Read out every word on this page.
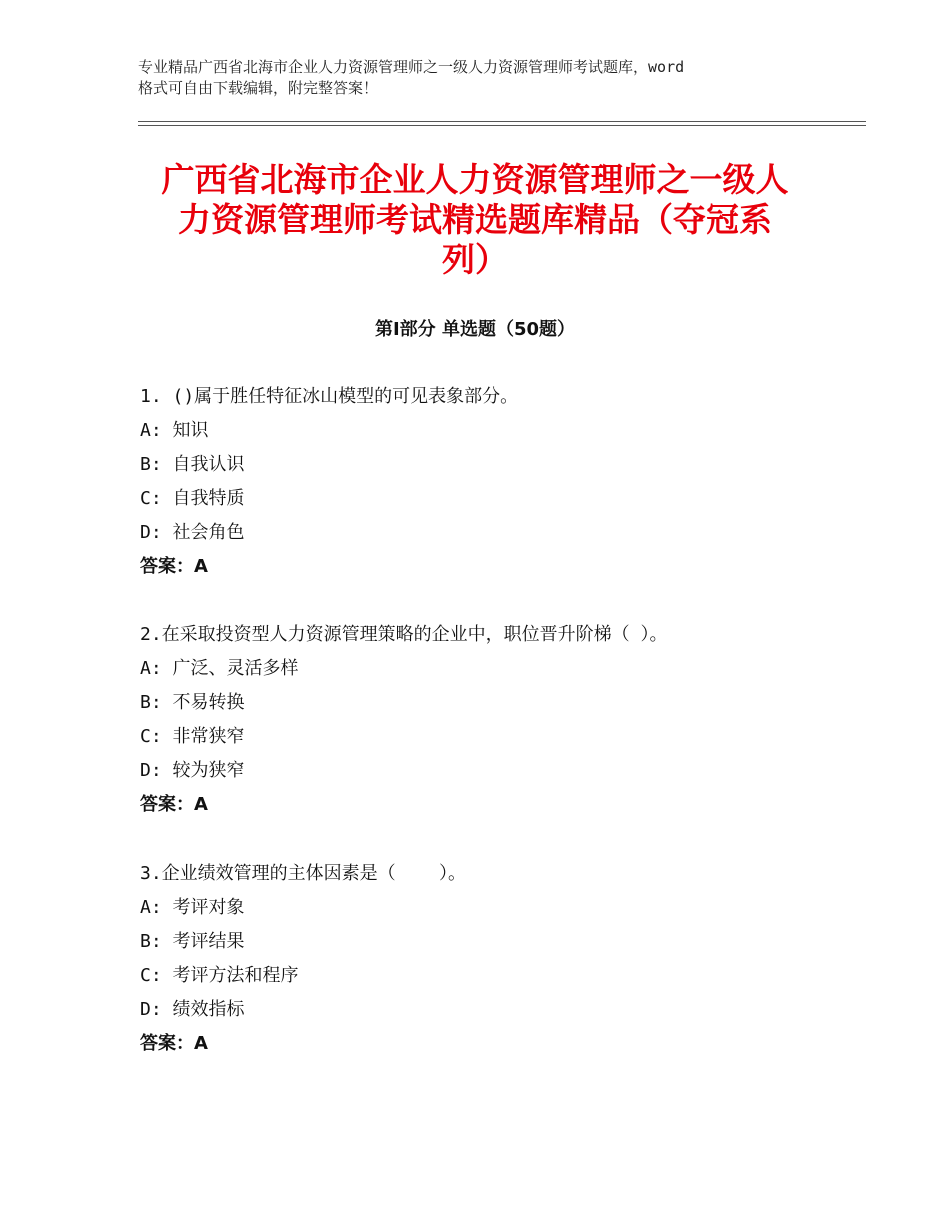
专业精品广西省北海市企业人力资源管理师之一级人力资源管理师考试题库，word
格式可自由下载编辑，附完整答案！
广西省北海市企业人力资源管理师之一级人
力资源管理师考试精选题库精品（夺冠系
列）
第Ⅰ部分 单选题（50题）
1. ()属于胜任特征冰山模型的可见表象部分。
A: 知识
B: 自我认识
C: 自我特质
D: 社会角色
答案：A
2.在采取投资型人力资源管理策略的企业中，职位晋升阶梯（ ）。
A: 广泛、灵活多样
B: 不易转换
C: 非常狭窄
D: 较为狭窄
答案：A
3.企业绩效管理的主体因素是（    ）。
A: 考评对象
B: 考评结果
C: 考评方法和程序
D: 绩效指标
答案：A
